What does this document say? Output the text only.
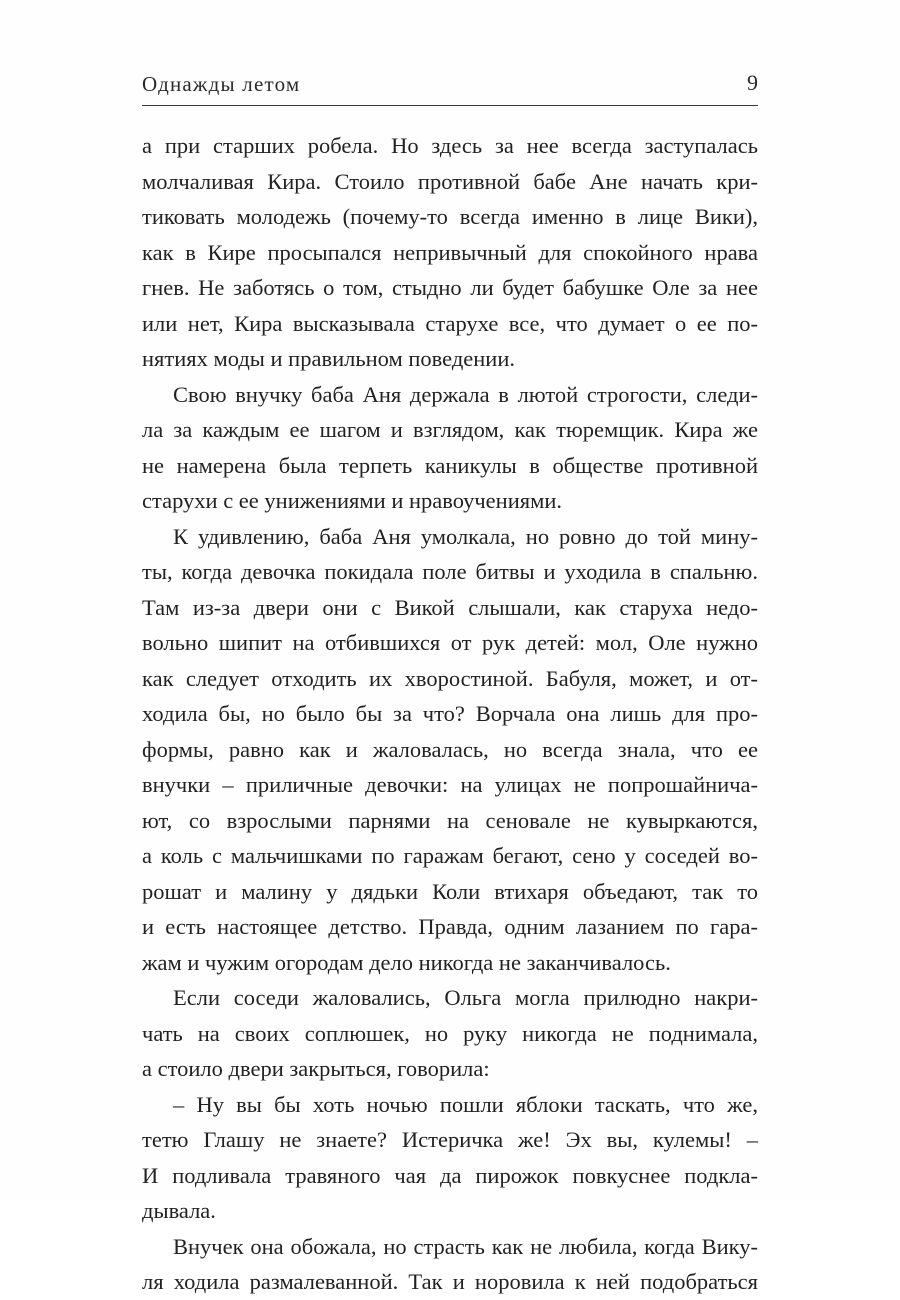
Однажды летом	9
а при старших робела. Но здесь за нее всегда заступалась
молчаливая Кира. Стоило противной бабе Ане начать кри-
тиковать молодежь (почему-то всегда именно в лице Вики),
как в Кире просыпался непривычный для спокойного нрава
гнев. Не заботясь о том, стыдно ли будет бабушке Оле за нее
или нет, Кира высказывала старухе все, что думает о ее по-
нятиях моды и правильном поведении.
Свою внучку баба Аня держала в лютой строгости, следи-
ла за каждым ее шагом и взглядом, как тюремщик. Кира же
не намерена была терпеть каникулы в обществе противной
старухи с ее унижениями и нравоучениями.
К удивлению, баба Аня умолкала, но ровно до той мину-
ты, когда девочка покидала поле битвы и уходила в спальню.
Там из-за двери они с Викой слышали, как старуха недо-
вольно шипит на отбившихся от рук детей: мол, Оле нужно
как следует отходить их хворостиной. Бабуля, может, и от-
ходила бы, но было бы за что? Ворчала она лишь для про-
формы, равно как и жаловалась, но всегда знала, что ее
внучки – приличные девочки: на улицах не попрошайнича-
ют, со взрослыми парнями на сеновале не кувыркаются,
а коль с мальчишками по гаражам бегают, сено у соседей во-
рошат и малину у дядьки Коли втихаря объедают, так то
и есть настоящее детство. Правда, одним лазанием по гара-
жам и чужим огородам дело никогда не заканчивалось.
Если соседи жаловались, Ольга могла прилюдно накри-
чать на своих соплюшек, но руку никогда не поднимала,
а стоило двери закрыться, говорила:
– Ну вы бы хоть ночью пошли яблоки таскать, что же,
тетю Глашу не знаете? Истеричка же! Эх вы, кулемы! –
И подливала травяного чая да пирожок повкуснее подкла-
дывала.
Внучек она обожала, но страсть как не любила, когда Вику-
ля ходила размалеванной. Так и норовила к ней подобраться
